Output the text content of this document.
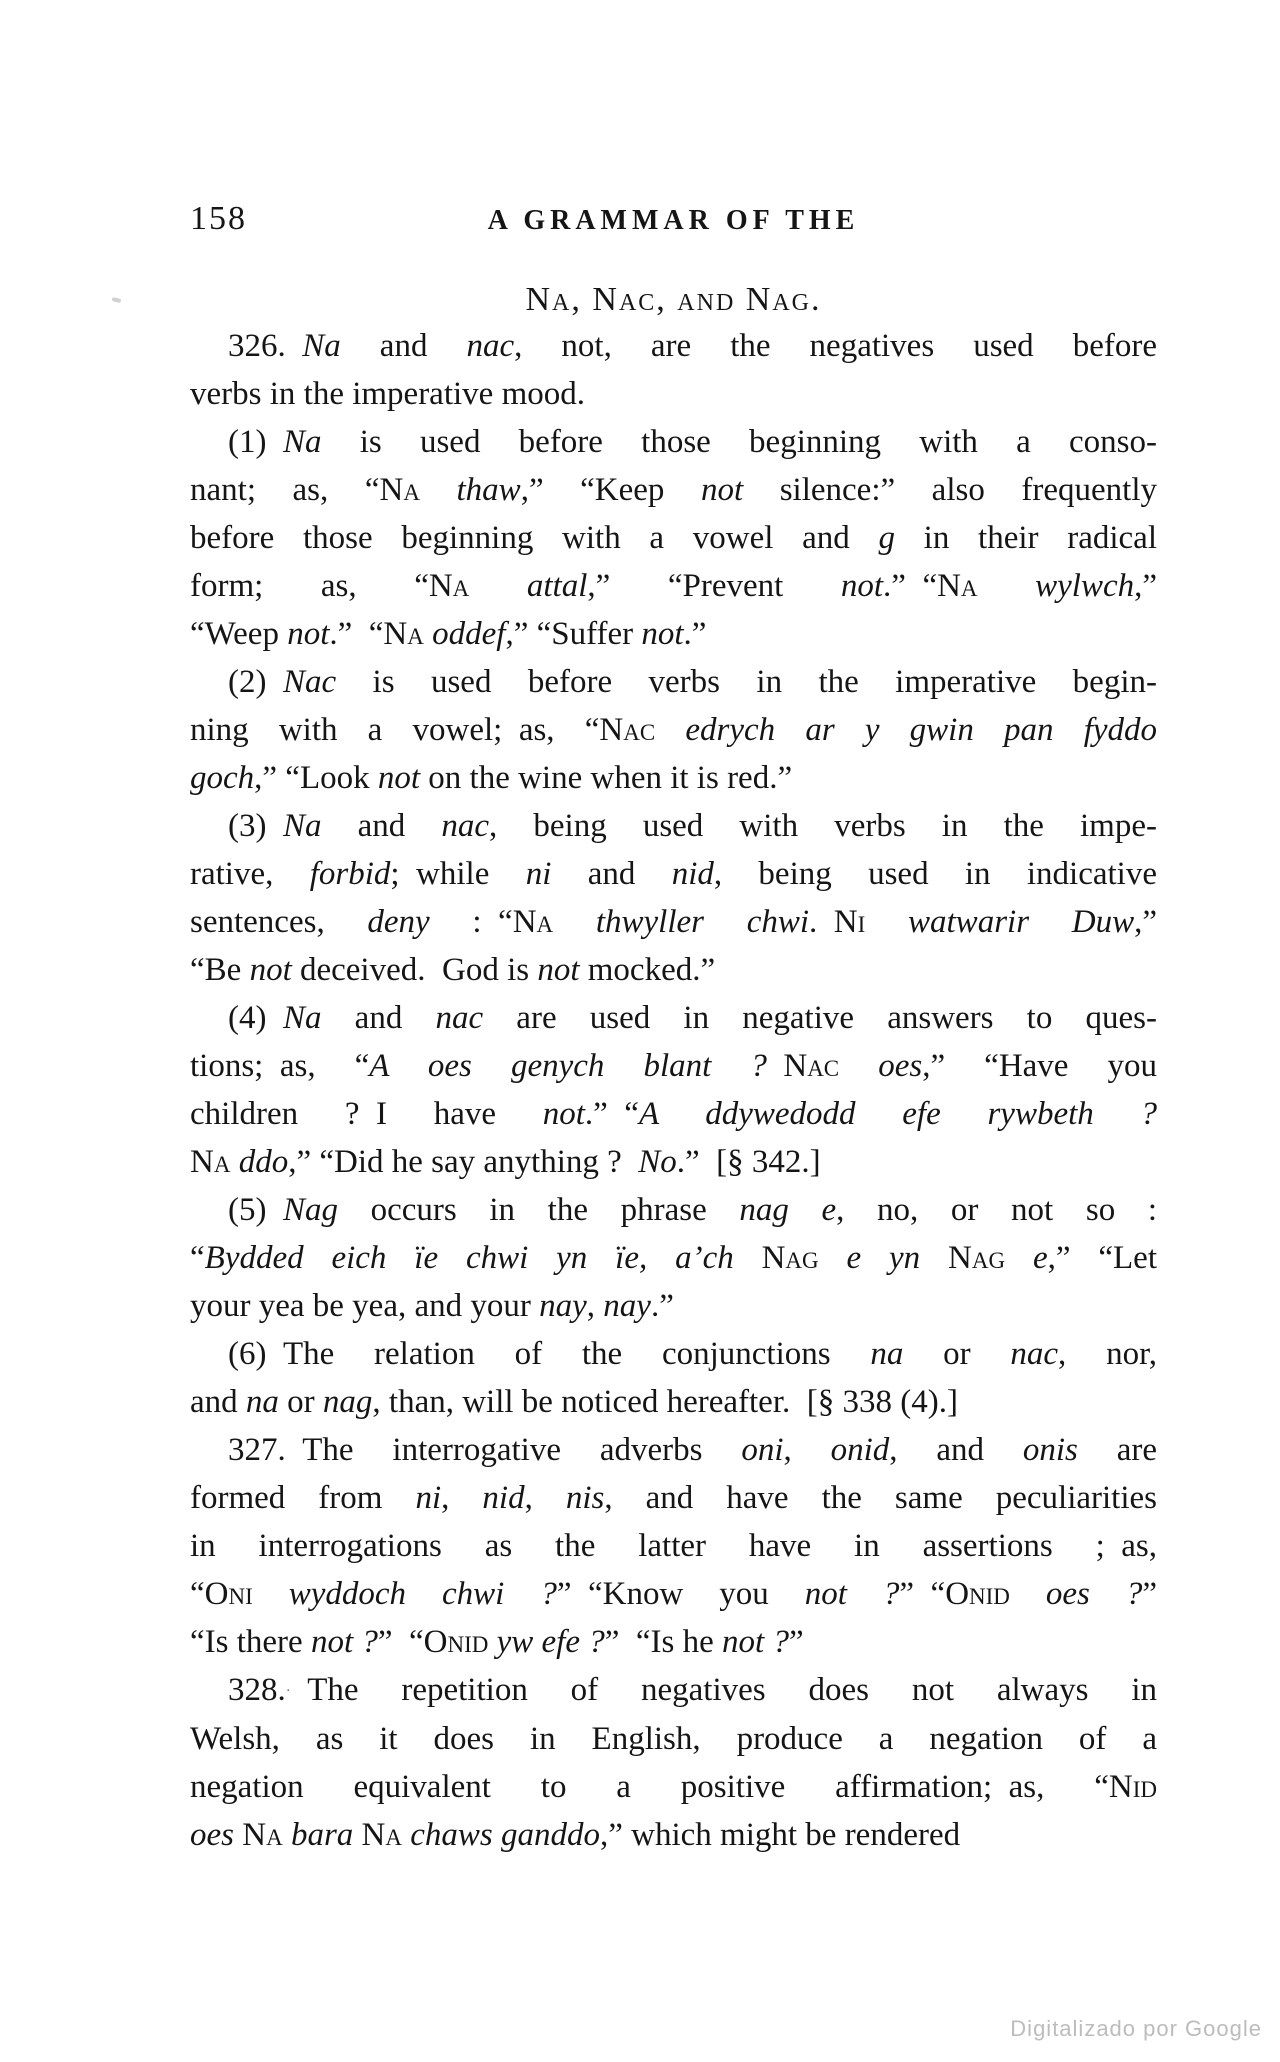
158	A GRAMMAR OF THE
Na, Nac, and Nag.

326. Na and nac, not, are the negatives used before
verbs in the imperative mood.

(1) Na is used before those beginning with a conso-
nant; as, “Na thaw,” “Keep not silence:” also frequently
before those beginning with a vowel and g in their radical
form; as, “Na attal,” “Prevent not.” “Na wylwch,”
“Weep not.” “Na oddef,” “Suffer not.”

(2) Nac is used before verbs in the imperative begin-
ning with a vowel; as, “Nac edrych ar y gwin pan fyddo
goch,” “Look not on the wine when it is red.”

(3) Na and nac, being used with verbs in the impe-
rative, forbid; while ni and nid, being used in indicative
sentences, deny : “Na thwyller chwi. Ni watwarir Duw,”
“Be not deceived. God is not mocked.”

(4) Na and nac are used in negative answers to ques-
tions; as, “A oes genych blant ?  Nac oes,” “Have you
children ? I have not.” “A ddywedodd efe rywbeth ?
Na ddo,” “Did he say anything ? No.” [§ 342.]

(5) Nag occurs in the phrase nag e, no, or not so :
“Bydded eich ïe chwi yn ïe, a’ch Nag e yn Nag e,” “Let
your yea be yea, and your nay, nay.”

(6) The relation of the conjunctions na or nac, nor,
and na or nag, than, will be noticed hereafter. [§ 338 (4).]

327. The interrogative adverbs oni, onid, and onis are
formed from ni, nid, nis, and have the same peculiarities
in interrogations as the latter have in assertions ; as,
“Oni wyddoch chwi ?” “Know you not ?” “Onid oes ?”
“Is there not ?” “Onid yw efe ?” “Is he not ?”

328.· The repetition of negatives does not always in
Welsh, as it does in English, produce a negation of a
negation equivalent to a positive affirmation; as, “Nid
oes Na bara Na chaws ganddo,” which might be rendered

Digitalizado por Google
